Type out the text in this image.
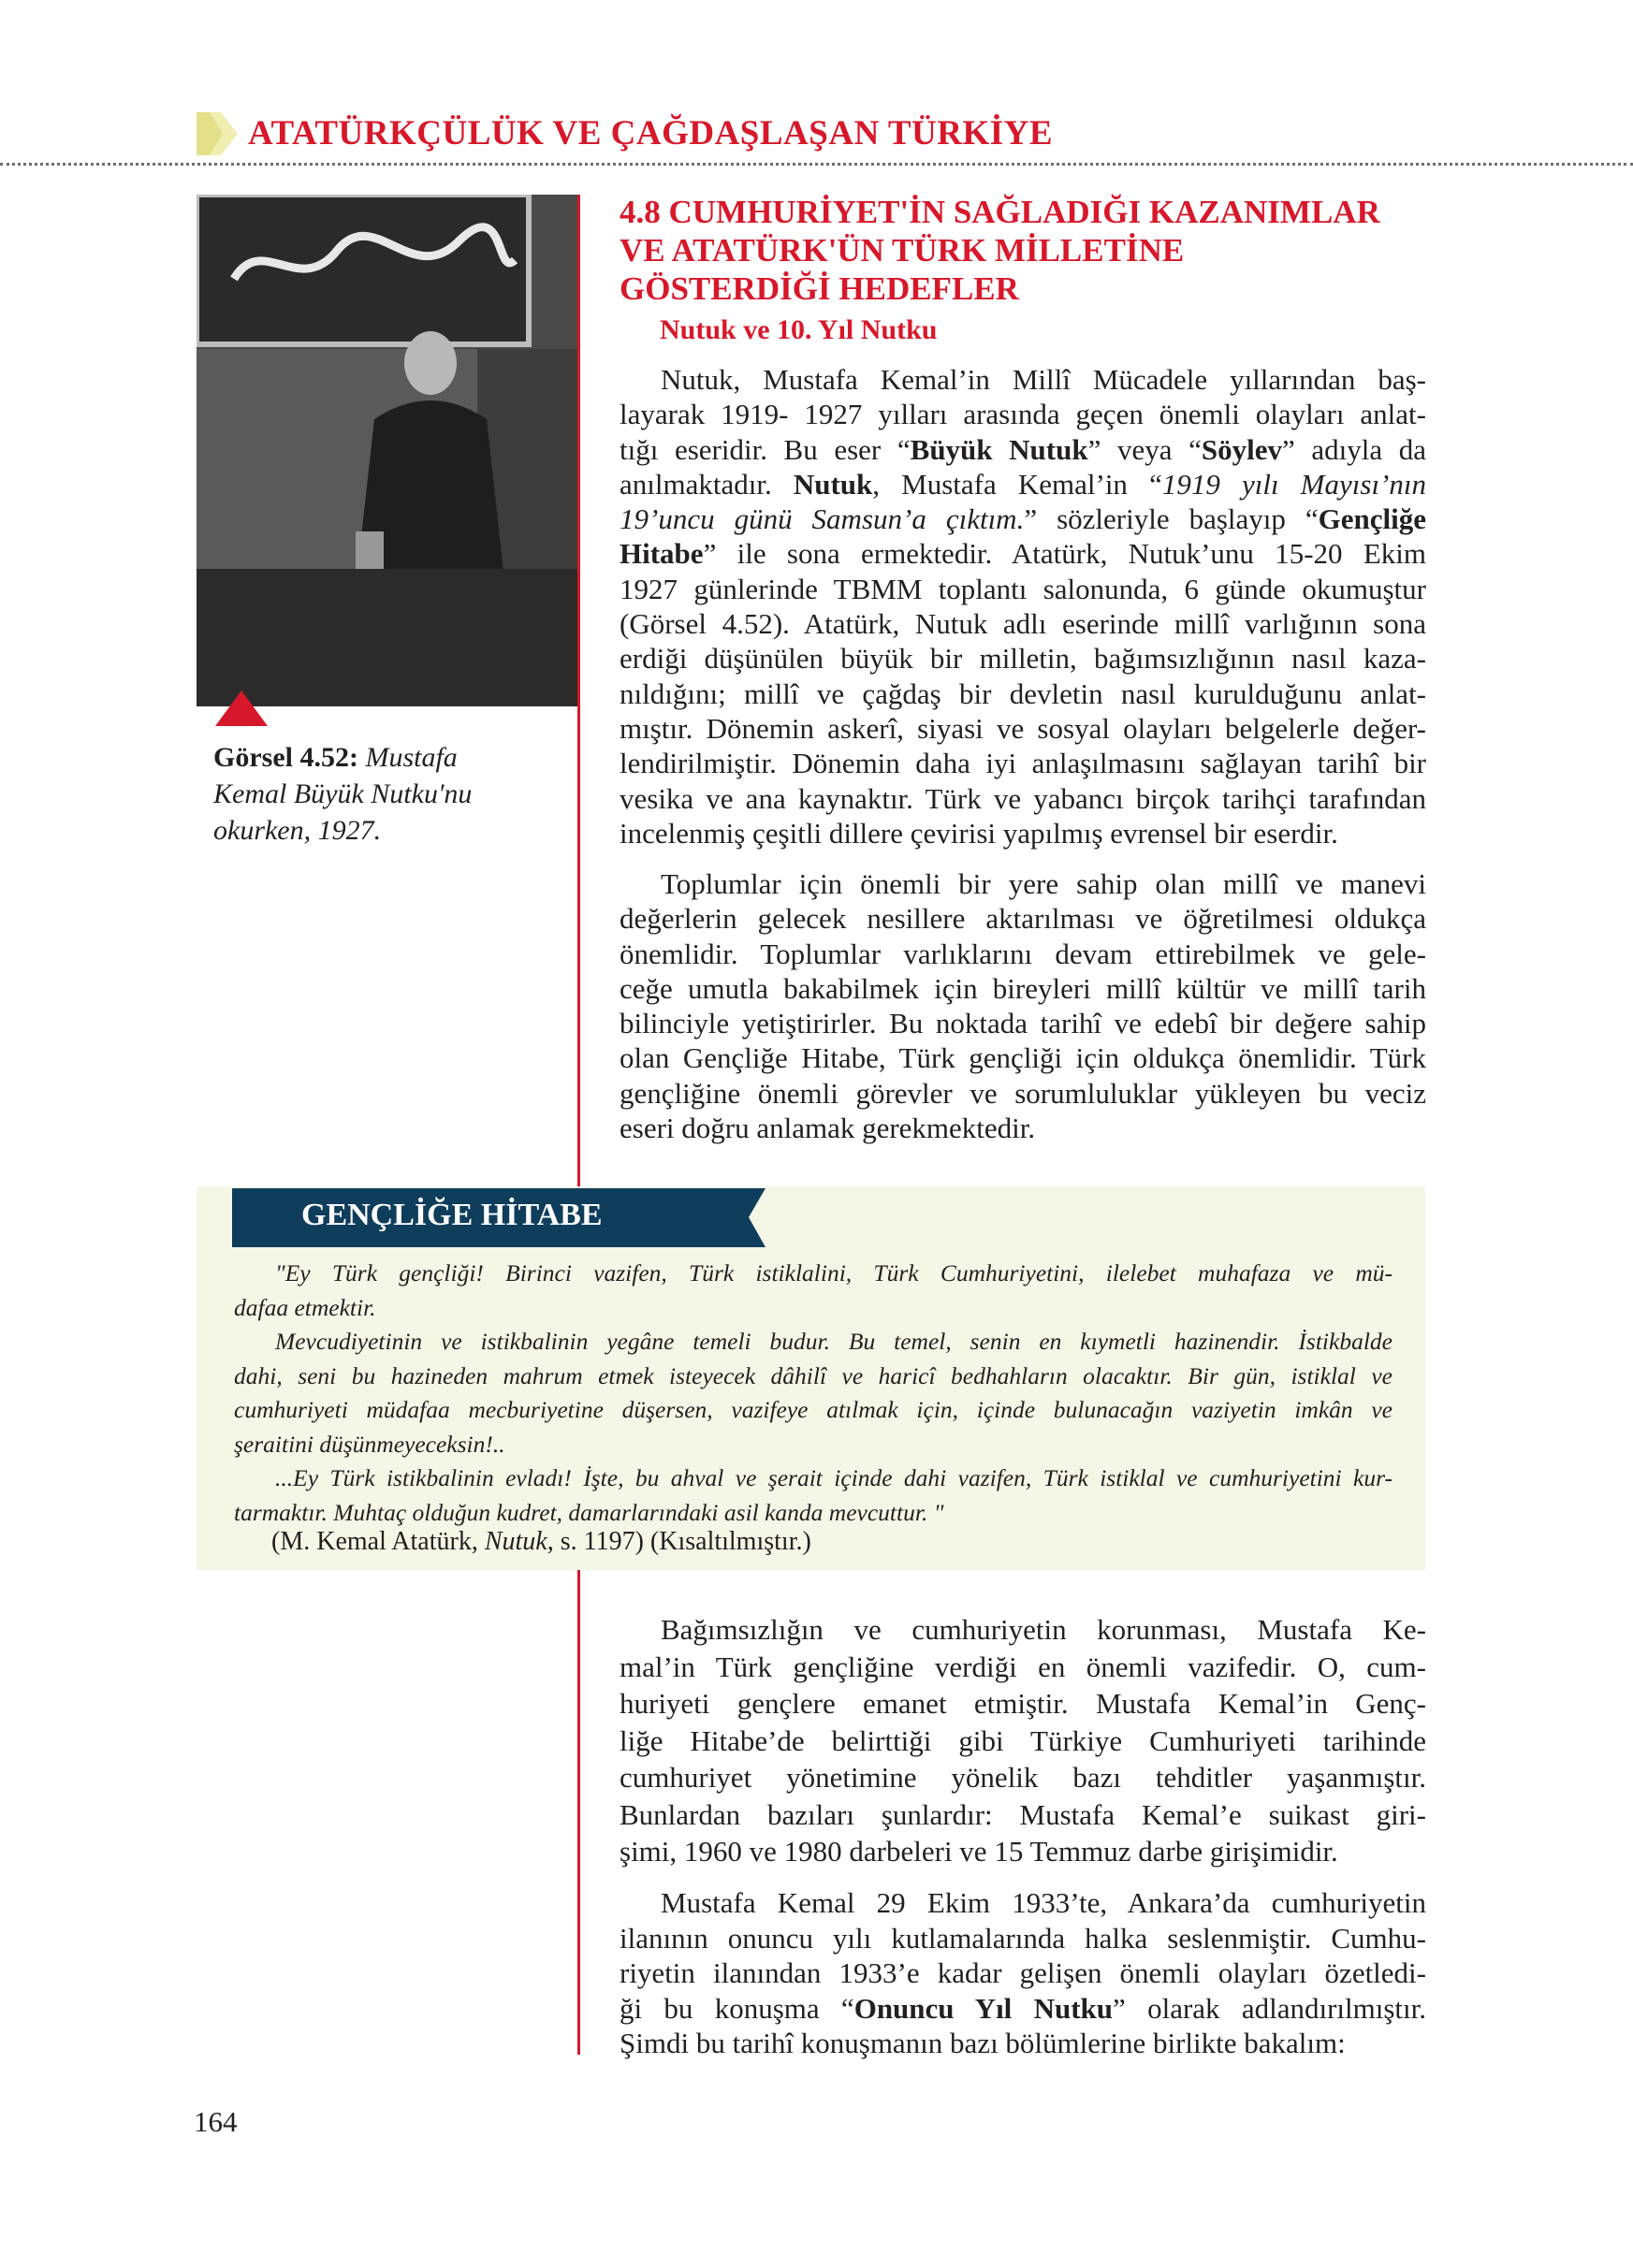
ATATÜRKÇÜLÜK VE ÇAĞDAŞLAŞAN TÜRKİYE
Görsel 4.52: Mustafa
Kemal Büyük Nutku'nu
okurken, 1927.
4.8 CUMHURİYET'İN SAĞLADIĞI KAZANIMLAR
VE ATATÜRK'ÜN TÜRK MİLLETİNE
GÖSTERDİĞİ HEDEFLER
Nutuk ve 10. Yıl Nutku
Nutuk, Mustafa Kemal’in Millî Mücadele yıllarından baş-
layarak 1919- 1927 yılları arasında geçen önemli olayları anlat-
tığı eseridir. Bu eser “Büyük Nutuk” veya “Söylev” adıyla da
anılmaktadır. Nutuk, Mustafa Kemal’in “1919 yılı Mayısı’nın
19’uncu günü Samsun’a çıktım.” sözleriyle başlayıp “Gençliğe
Hitabe” ile sona ermektedir. Atatürk, Nutuk’unu 15-20 Ekim
1927 günlerinde TBMM toplantı salonunda, 6 günde okumuştur
(Görsel 4.52). Atatürk, Nutuk adlı eserinde millî varlığının sona
erdiği düşünülen büyük bir milletin, bağımsızlığının nasıl kaza-
nıldığını; millî ve çağdaş bir devletin nasıl kurulduğunu anlat-
mıştır. Dönemin askerî, siyasi ve sosyal olayları belgelerle değer-
lendirilmiştir. Dönemin daha iyi anlaşılmasını sağlayan tarihî bir
vesika ve ana kaynaktır. Türk ve yabancı birçok tarihçi tarafından
incelenmiş çeşitli dillere çevirisi yapılmış evrensel bir eserdir.
Toplumlar için önemli bir yere sahip olan millî ve manevi
değerlerin gelecek nesillere aktarılması ve öğretilmesi oldukça
önemlidir. Toplumlar varlıklarını devam ettirebilmek ve gele-
ceğe umutla bakabilmek için bireyleri millî kültür ve millî tarih
bilinciyle yetiştirirler. Bu noktada tarihî ve edebî bir değere sahip
olan Gençliğe Hitabe, Türk gençliği için oldukça önemlidir. Türk
gençliğine önemli görevler ve sorumluluklar yükleyen bu veciz
eseri doğru anlamak gerekmektedir.
GENÇLİĞE HİTABE
"Ey Türk gençliği! Birinci vazifen, Türk istiklalini, Türk Cumhuriyetini, ilelebet muhafaza ve mü-
dafaa etmektir.
Mevcudiyetinin ve istikbalinin yegâne temeli budur. Bu temel, senin en kıymetli hazinendir. İstikbalde
dahi, seni bu hazineden mahrum etmek isteyecek dâhilî ve haricî bedhahların olacaktır. Bir gün, istiklal ve
cumhuriyeti müdafaa mecburiyetine düşersen, vazifeye atılmak için, içinde bulunacağın vaziyetin imkân ve
şeraitini düşünmeyeceksin!..
...Ey Türk istikbalinin evladı! İşte, bu ahval ve şerait içinde dahi vazifen, Türk istiklal ve cumhuriyetini kur-
tarmaktır. Muhtaç olduğun kudret, damarlarındaki asil kanda mevcuttur. "
(M. Kemal Atatürk, Nutuk, s. 1197) (Kısaltılmıştır.)
Bağımsızlığın ve cumhuriyetin korunması, Mustafa Ke-
mal’in Türk gençliğine verdiği en önemli vazifedir. O, cum-
huriyeti gençlere emanet etmiştir. Mustafa Kemal’in Genç-
liğe Hitabe’de belirttiği gibi Türkiye Cumhuriyeti tarihinde
cumhuriyet yönetimine yönelik bazı tehditler yaşanmıştır.
Bunlardan bazıları şunlardır: Mustafa Kemal’e suikast giri-
şimi, 1960 ve 1980 darbeleri ve 15 Temmuz darbe girişimidir.
Mustafa Kemal 29 Ekim 1933’te, Ankara’da cumhuriyetin
ilanının onuncu yılı kutlamalarında halka seslenmiştir. Cumhu-
riyetin ilanından 1933’e kadar gelişen önemli olayları özetledi-
ği bu konuşma “Onuncu Yıl Nutku” olarak adlandırılmıştır.
Şimdi bu tarihî konuşmanın bazı bölümlerine birlikte bakalım:
164
